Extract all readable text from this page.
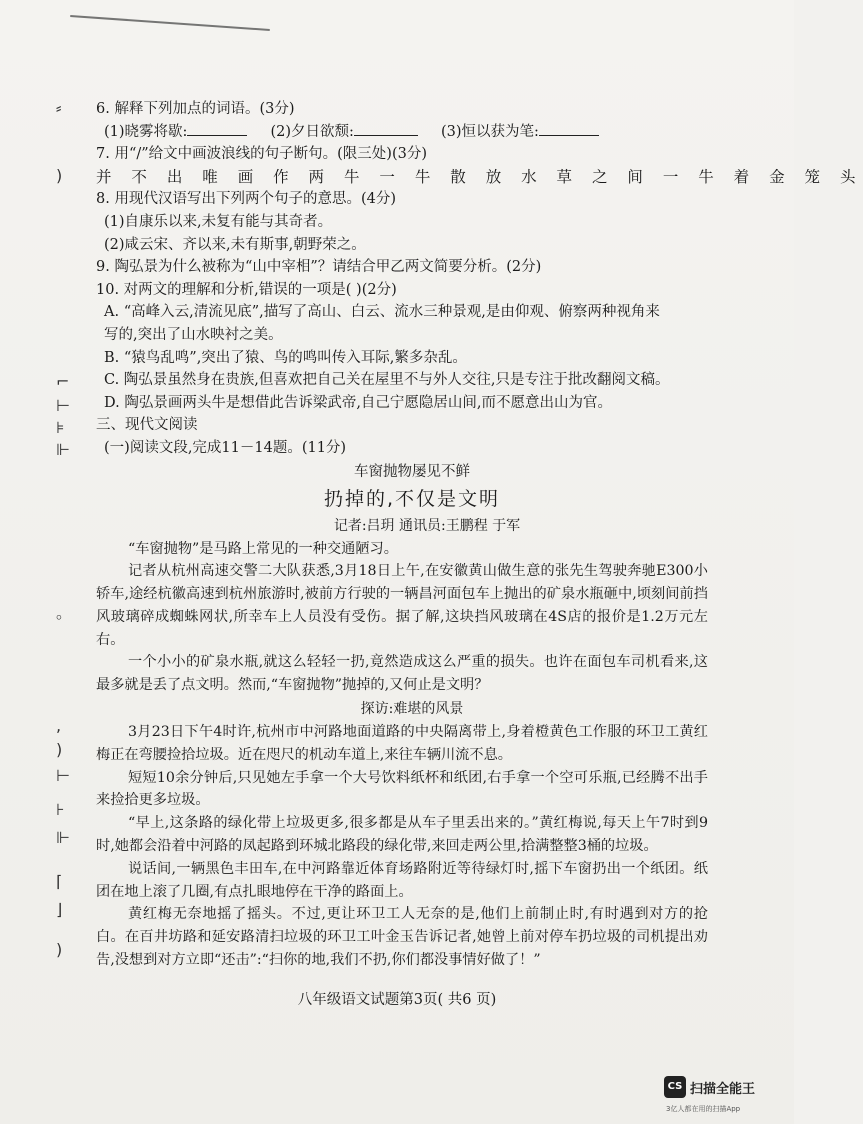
⸗
)
⌐
⊢
⊧
⊩
。
,
)
⊢
⊦
⊩
⌈
⌋
)
6. 解释下列加点的词语。(3分)
(1)晓雾将歇:	(2)夕日欲颓:	(3)恒以获为笔:
7. 用“/”给文中画波浪线的句子断句。(限三处)(3分)
并 不 出 唯 画 作 两 牛 一 牛 散 放 水 草 之 间 一 牛 着 金 笼 头
8. 用现代汉语写出下列两个句子的意思。(4分)
(1)自康乐以来,未复有能与其奇者。
(2)咸云宋、齐以来,未有斯事,朝野荣之。
9. 陶弘景为什么被称为“山中宰相”？请结合甲乙两文简要分析。(2分)
10. 对两文的理解和分析,错误的一项是( )(2分)
A. “高峰入云,清流见底”,描写了高山、白云、流水三种景观,是由仰观、俯察两种视角来
写的,突出了山水映衬之美。
B. “猿鸟乱鸣”,突出了猿、鸟的鸣叫传入耳际,繁多杂乱。
C. 陶弘景虽然身在贵族,但喜欢把自己关在屋里不与外人交往,只是专注于批改翻阅文稿。
D. 陶弘景画两头牛是想借此告诉梁武帝,自己宁愿隐居山间,而不愿意出山为官。
三、现代文阅读
(一)阅读文段,完成11－14题。(11分)
车窗抛物屡见不鲜
扔掉的,不仅是文明
记者:吕玥 通讯员:王鹏程 于军
“车窗抛物”是马路上常见的一种交通陋习。
记者从杭州高速交警二大队获悉,3月18日上午,在安徽黄山做生意的张先生驾驶奔驰E300小轿车,途经杭徽高速到杭州旅游时,被前方行驶的一辆昌河面包车上抛出的矿泉水瓶砸中,顷刻间前挡风玻璃碎成蜘蛛网状,所幸车上人员没有受伤。据了解,这块挡风玻璃在4S店的报价是1.2万元左右。
一个小小的矿泉水瓶,就这么轻轻一扔,竟然造成这么严重的损失。也许在面包车司机看来,这最多就是丢了点文明。然而,“车窗抛物”抛掉的,又何止是文明？
探访:难堪的风景
3月23日下午4时许,杭州市中河路地面道路的中央隔离带上,身着橙黄色工作服的环卫工黄红梅正在弯腰捡拾垃圾。近在咫尺的机动车道上,来往车辆川流不息。
短短10余分钟后,只见她左手拿一个大号饮料纸杯和纸团,右手拿一个空可乐瓶,已经腾不出手来捡拾更多垃圾。
“早上,这条路的绿化带上垃圾更多,很多都是从车子里丢出来的。”黄红梅说,每天上午7时到9时,她都会沿着中河路的凤起路到环城北路段的绿化带,来回走两公里,拾满整整3桶的垃圾。
说话间,一辆黑色丰田车,在中河路靠近体育场路附近等待绿灯时,摇下车窗扔出一个纸团。纸团在地上滚了几圈,有点扎眼地停在干净的路面上。
黄红梅无奈地摇了摇头。不过,更让环卫工人无奈的是,他们上前制止时,有时遇到对方的抢白。在百井坊路和延安路清扫垃圾的环卫工叶金玉告诉记者,她曾上前对停车扔垃圾的司机提出劝告,没想到对方立即“还击”:“扫你的地,我们不扔,你们都没事情好做了！”
八年级语文试题第3页( 共6 页)
CS 扫描全能王
3亿人都在用的扫描App
